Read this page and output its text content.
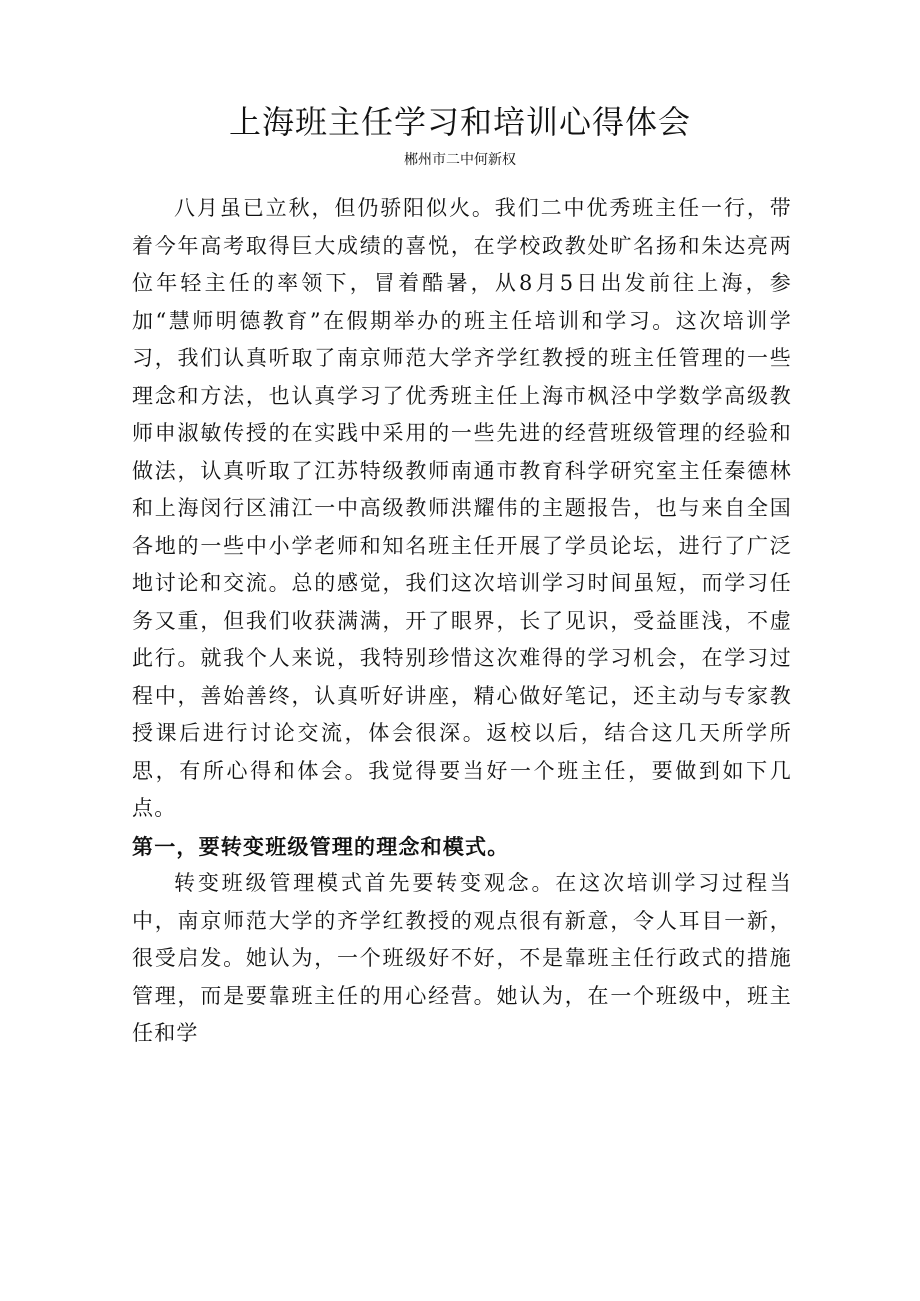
上海班主任学习和培训心得体会

郴州市二中何新权

八月虽已立秋，但仍骄阳似火。我们二中优秀班主任一行，带着今年高考取得巨大成绩的喜悦，在学校政教处旷名扬和朱达亮两位年轻主任的率领下，冒着酷暑，从8月5日出发前往上海，参加“慧师明德教育”在假期举办的班主任培训和学习。这次培训学习，我们认真听取了南京师范大学齐学红教授的班主任管理的一些理念和方法，也认真学习了优秀班主任上海市枫泾中学数学高级教师申淑敏传授的在实践中采用的一些先进的经营班级管理的经验和做法，认真听取了江苏特级教师南通市教育科学研究室主任秦德林和上海闵行区浦江一中高级教师洪耀伟的主题报告，也与来自全国各地的一些中小学老师和知名班主任开展了学员论坛，进行了广泛地讨论和交流。总的感觉，我们这次培训学习时间虽短，而学习任务又重，但我们收获满满，开了眼界，长了见识，受益匪浅，不虚此行。就我个人来说，我特别珍惜这次难得的学习机会，在学习过程中，善始善终，认真听好讲座，精心做好笔记，还主动与专家教授课后进行讨论交流，体会很深。返校以后，结合这几天所学所思，有所心得和体会。我觉得要当好一个班主任，要做到如下几点。

第一，要转变班级管理的理念和模式。

转变班级管理模式首先要转变观念。在这次培训学习过程当中，南京师范大学的齐学红教授的观点很有新意，令人耳目一新，很受启发。她认为，一个班级好不好，不是靠班主任行政式的措施管理，而是要靠班主任的用心经营。她认为，在一个班级中，班主任和学
